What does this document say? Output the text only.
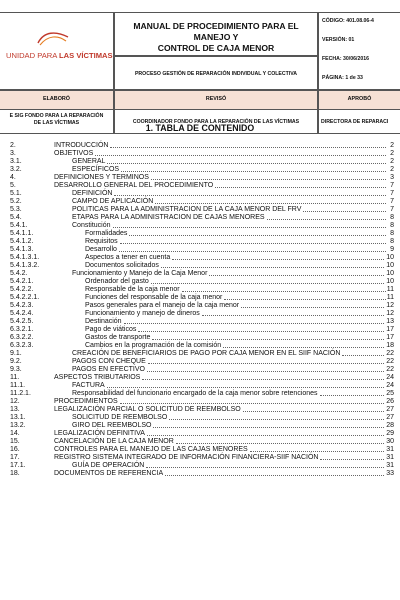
UNIDAD PARA LAS VÍCTIMAS
MANUAL DE PROCEDIMIENTO PARA EL MANEJO Y
CONTROL DE CAJA MENOR
PROCESO GESTIÓN DE REPARACIÓN INDIVIDUAL Y COLECTIVA
CÓDIGO: 401.08.06-4
VERSIÓN: 01
FECHA: 30/06/2016
PÁGINA: 1 de 33
ELABORÓ	REVISÓ	APROBÓ
E SIG FONDO PARA LA REPARACIÓN
DE LAS VÍCTIMAS	COORDINADOR FONDO PARA LA REPARACIÓN DE LAS VÍCTIMAS	DIRECTORA DE REPARACI
1. TABLA DE CONTENIDO
2.	INTRODUCCIÓN	2
3.	OBJETIVOS	2
3.1.	GENERAL	2
3.2.	ESPECÍFICOS	2
4.	DEFINICIONES Y TERMINOS	3
5.	DESARROLLO GENERAL DEL PROCEDIMIENTO	7
5.1.	DEFINICIÓN	7
5.2.	CAMPO DE APLICACIÓN	7
5.3.	POLITICAS PARA LA ADMINISTRACION DE LA CAJA MENOR DEL FRV	7
5.4.	ETAPAS PARA LA ADMINISTRACION DE CAJAS MENORES	8
5.4.1.	Constitución	8
5.4.1.1.	Formalidades	8
5.4.1.2.	Requisitos	8
5.4.1.3.	Desarrollo	9
5.4.1.3.1.	Aspectos a tener en cuenta	10
5.4.1.3.2.	Documentos solicitados	10
5.4.2.	Funcionamiento y Manejo de la Caja Menor	10
5.4.2.1.	Ordenador del gasto	10
5.4.2.2.	Responsable de la caja menor	11
5.4.2.2.1.	Funciones del responsable de la caja menor	11
5.4.2.3.	Pasos generales para el manejo de la caja menor	12
5.4.2.4.	Funcionamiento y manejo de dineros	12
5.4.2.5.	Destinación	13
6.3.2.1.	Pago de viáticos	17
6.3.2.2.	Gastos de transporte	17
6.3.2.3.	Cambios en la programación de la comisión	18
9.1.	CREACIÓN DE BENEFICIARIOS DE PAGO POR CAJA MENOR EN EL SIIF NACIÓN	22
9.2.	PAGOS CON CHEQUE	22
9.3.	PAGOS EN EFECTIVO	22
11.	ASPECTOS TRIBUTARIOS	24
11.1.	FACTURA	24
11.2.1.	Responsabilidad del funcionario encargado de la caja menor sobre retenciones	25
12.	PROCEDIMIENTOS	26
13.	LEGALIZACIÓN PARCIAL O SOLICITUD DE REEMBOLSO	27
13.1.	SOLICITUD DE REEMBOLSO	27
13.2.	GIRO DEL REEMBOLSO	28
14.	LEGALIZACIÓN DEFINITIVA	29
15.	CANCELACIÓN DE LA CAJA MENOR	30
16.	CONTROLES PARA EL MANEJO DE LAS CAJAS MENORES	31
17.	REGISTRO SISTEMA INTEGRADO DE INFORMACIÓN FINANCIERA-SIIF NACIÓN	31
17.1.	GUÍA DE OPERACIÓN	31
18.	DOCUMENTOS DE REFERENCIA	33
